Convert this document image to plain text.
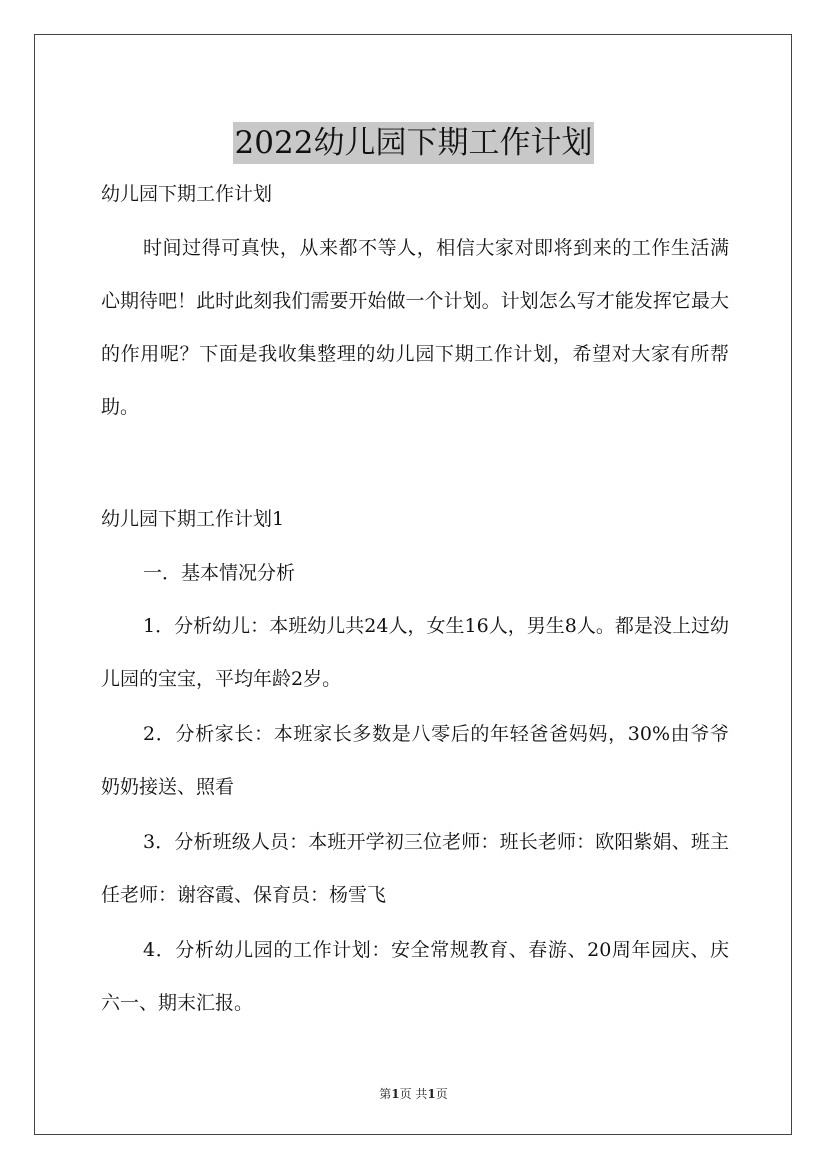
2022幼儿园下期工作计划

幼儿园下期工作计划

时间过得可真快，从来都不等人，相信大家对即将到来的工作生活满心期待吧！此时此刻我们需要开始做一个计划。计划怎么写才能发挥它最大的作用呢？下面是我收集整理的幼儿园下期工作计划，希望对大家有所帮助。

幼儿园下期工作计划1

一．基本情况分析

1．分析幼儿：本班幼儿共24人，女生16人，男生8人。都是没上过幼儿园的宝宝，平均年龄2岁。

2．分析家长：本班家长多数是八零后的年轻爸爸妈妈，30%由爷爷奶奶接送、照看

3．分析班级人员：本班开学初三位老师：班长老师：欧阳紫娟、班主任老师：谢容霞、保育员：杨雪飞

4．分析幼儿园的工作计划：安全常规教育、春游、20周年园庆、庆六一、期末汇报。

第1页 共1页
